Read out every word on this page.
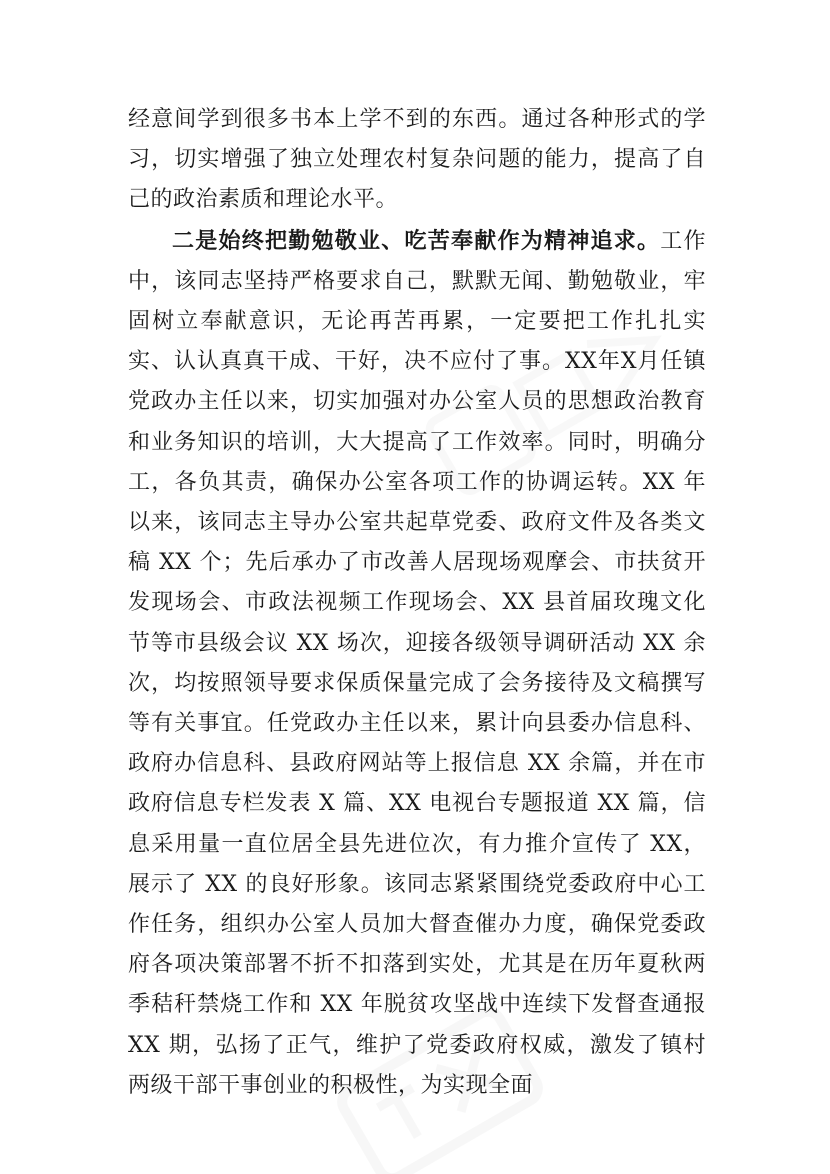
经意间学到很多书本上学不到的东西。通过各种形式的学习，切实增强了独立处理农村复杂问题的能力，提高了自己的政治素质和理论水平。

二是始终把勤勉敬业、吃苦奉献作为精神追求。工作中，该同志坚持严格要求自己，默默无闻、勤勉敬业，牢固树立奉献意识，无论再苦再累，一定要把工作扎扎实实、认认真真干成、干好，决不应付了事。XX年X月任镇党政办主任以来，切实加强对办公室人员的思想政治教育和业务知识的培训，大大提高了工作效率。同时，明确分工，各负其责，确保办公室各项工作的协调运转。XX 年以来，该同志主导办公室共起草党委、政府文件及各类文稿 XX 个；先后承办了市改善人居现场观摩会、市扶贫开发现场会、市政法视频工作现场会、XX 县首届玫瑰文化节等市县级会议 XX 场次，迎接各级领导调研活动 XX 余次，均按照领导要求保质保量完成了会务接待及文稿撰写等有关事宜。任党政办主任以来，累计向县委办信息科、政府办信息科、县政府网站等上报信息 XX 余篇，并在市政府信息专栏发表 X 篇、XX 电视台专题报道 XX 篇，信息采用量一直位居全县先进位次，有力推介宣传了 XX，展示了 XX 的良好形象。该同志紧紧围绕党委政府中心工作任务，组织办公室人员加大督查催办力度，确保党委政府各项决策部署不折不扣落到实处，尤其是在历年夏秋两季秸秆禁烧工作和 XX 年脱贫攻坚战中连续下发督查通报 XX 期，弘扬了正气，维护了党委政府权威，激发了镇村两级干部干事创业的积极性，为实现全面
